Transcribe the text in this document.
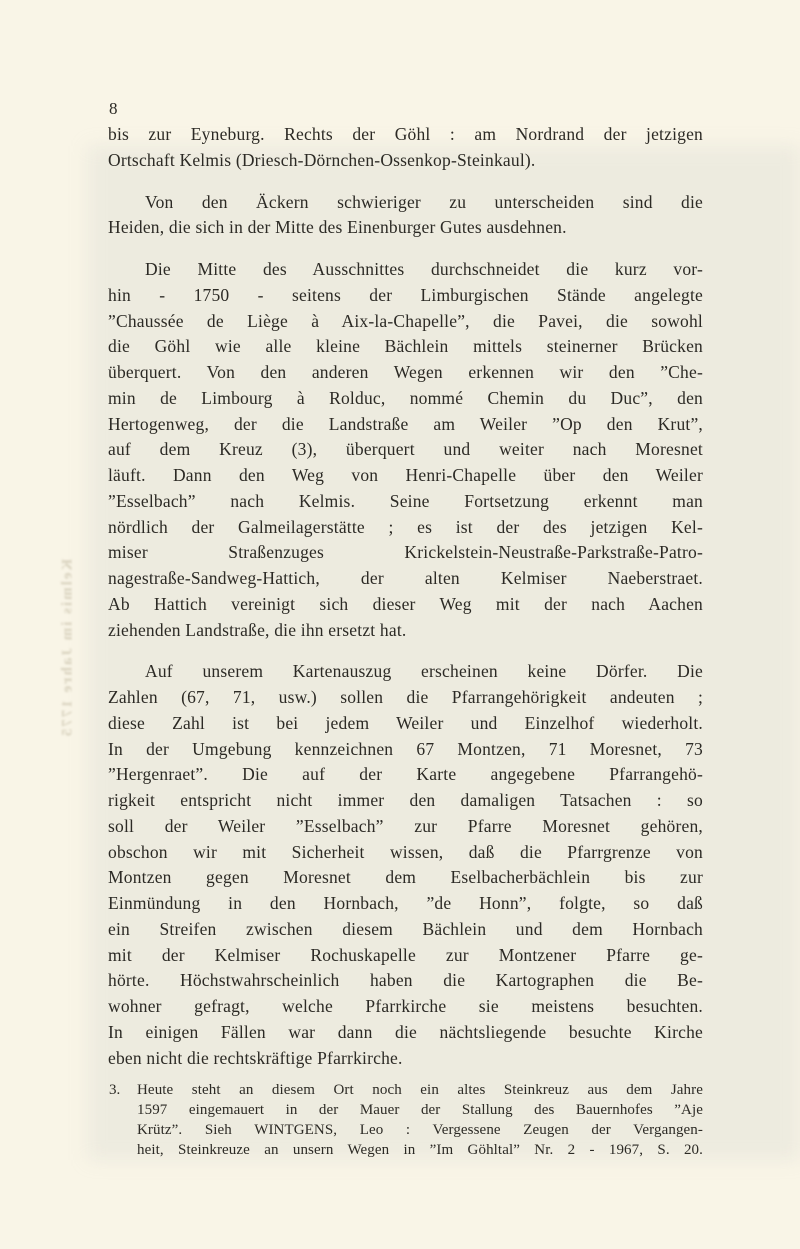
Kelmis im Jahre 1775
8
bis zur Eyneburg. Rechts der Göhl : am Nordrand der jetzigen
Ortschaft Kelmis (Driesch-Dörnchen-Ossenkop-Steinkaul).
Von den Äckern schwieriger zu unterscheiden sind die
Heiden, die sich in der Mitte des Einenburger Gutes ausdehnen.
Die Mitte des Ausschnittes durchschneidet die kurz vor-
hin - 1750 - seitens der Limburgischen Stände angelegte
”Chaussée de Liège à Aix-la-Chapelle”, die Pavei, die sowohl
die Göhl wie alle kleine Bächlein mittels steinerner Brücken
überquert. Von den anderen Wegen erkennen wir den ”Che-
min de Limbourg à Rolduc, nommé Chemin du Duc”, den
Hertogenweg, der die Landstraße am Weiler ”Op den Krut”,
auf dem Kreuz (3), überquert und weiter nach Moresnet
läuft. Dann den Weg von Henri-Chapelle über den Weiler
”Esselbach” nach Kelmis. Seine Fortsetzung erkennt man
nördlich der Galmeilagerstätte ; es ist der des jetzigen Kel-
miser Straßenzuges Krickelstein-Neustraße-Parkstraße-Patro-
nagestraße-Sandweg-Hattich, der alten Kelmiser Naeberstraet.
Ab Hattich vereinigt sich dieser Weg mit der nach Aachen
ziehenden Landstraße, die ihn ersetzt hat.
Auf unserem Kartenauszug erscheinen keine Dörfer. Die
Zahlen (67, 71, usw.) sollen die Pfarrangehörigkeit andeuten ;
diese Zahl ist bei jedem Weiler und Einzelhof wiederholt.
In der Umgebung kennzeichnen 67 Montzen, 71 Moresnet, 73
”Hergenraet”. Die auf der Karte angegebene Pfarrangehö-
rigkeit entspricht nicht immer den damaligen Tatsachen : so
soll der Weiler ”Esselbach” zur Pfarre Moresnet gehören,
obschon wir mit Sicherheit wissen, daß die Pfarrgrenze von
Montzen gegen Moresnet dem Eselbacherbächlein bis zur
Einmündung in den Hornbach, ”de Honn”, folgte, so daß
ein Streifen zwischen diesem Bächlein und dem Hornbach
mit der Kelmiser Rochuskapelle zur Montzener Pfarre ge-
hörte. Höchstwahrscheinlich haben die Kartographen die Be-
wohner gefragt, welche Pfarrkirche sie meistens besuchten.
In einigen Fällen war dann die nächtsliegende besuchte Kirche
eben nicht die rechtskräftige Pfarrkirche.
3. Heute steht an diesem Ort noch ein altes Steinkreuz aus dem Jahre
1597 eingemauert in der Mauer der Stallung des Bauernhofes ”Aje
Krütz”. Sieh WINTGENS, Leo : Vergessene Zeugen der Vergangen-
heit, Steinkreuze an unsern Wegen in ”Im Göhltal” Nr. 2 - 1967, S. 20.
